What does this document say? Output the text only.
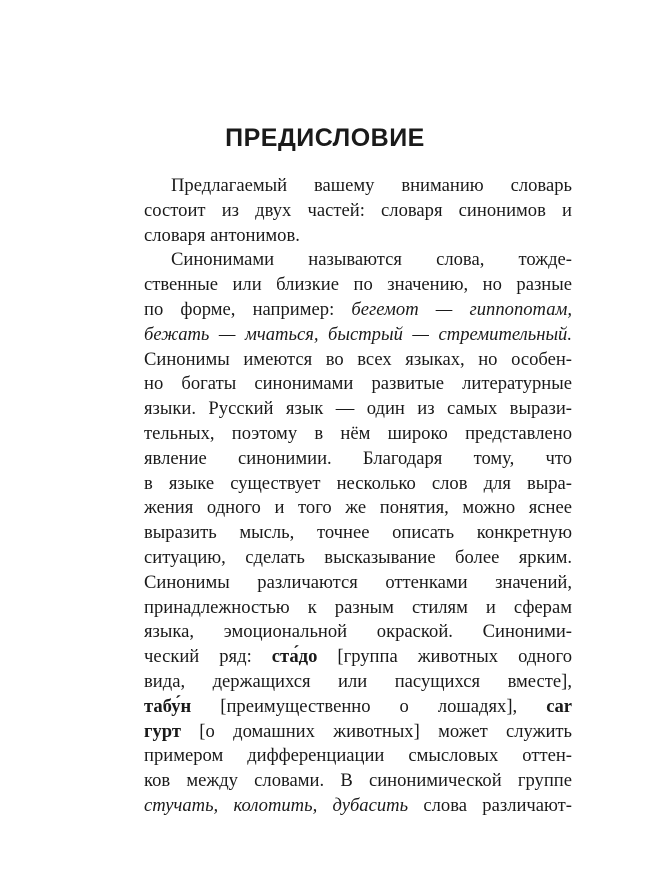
ПРЕДИСЛОВИЕ
Предлагаемый вашему вниманию словарь
состоит из двух частей: словаря синонимов и
словаря антонимов.
Синонимами называются слова, тожде-
ственные или близкие по значению, но разные
по форме, например: бегемот — гиппопотам,
бежать — мчаться, быстрый — стремительный.
Синонимы имеются во всех языках, но особен-
но богаты синонимами развитые литературные
языки. Русский язык — один из самых вырази-
тельных, поэтому в нём широко представлено
явление синонимии. Благодаря тому, что
в языке существует несколько слов для выра-
жения одного и того же понятия, можно яснее
выразить мысль, точнее описать конкретную
ситуацию, сделать высказывание более ярким.
Синонимы различаются оттенками значений,
принадлежностью к разным стилям и сферам
языка, эмоциональной окраской. Синоними-
ческий ряд: ста́до [группа животных одного
вида, держащихся или пасущихся вместе],
табу́н [преимущественно о лошадях], car
гурт [о домашних животных] может служить
примером дифференциации смысловых оттен-
ков между словами. В синонимической группе
стучать, колотить, дубасить слова различают-
